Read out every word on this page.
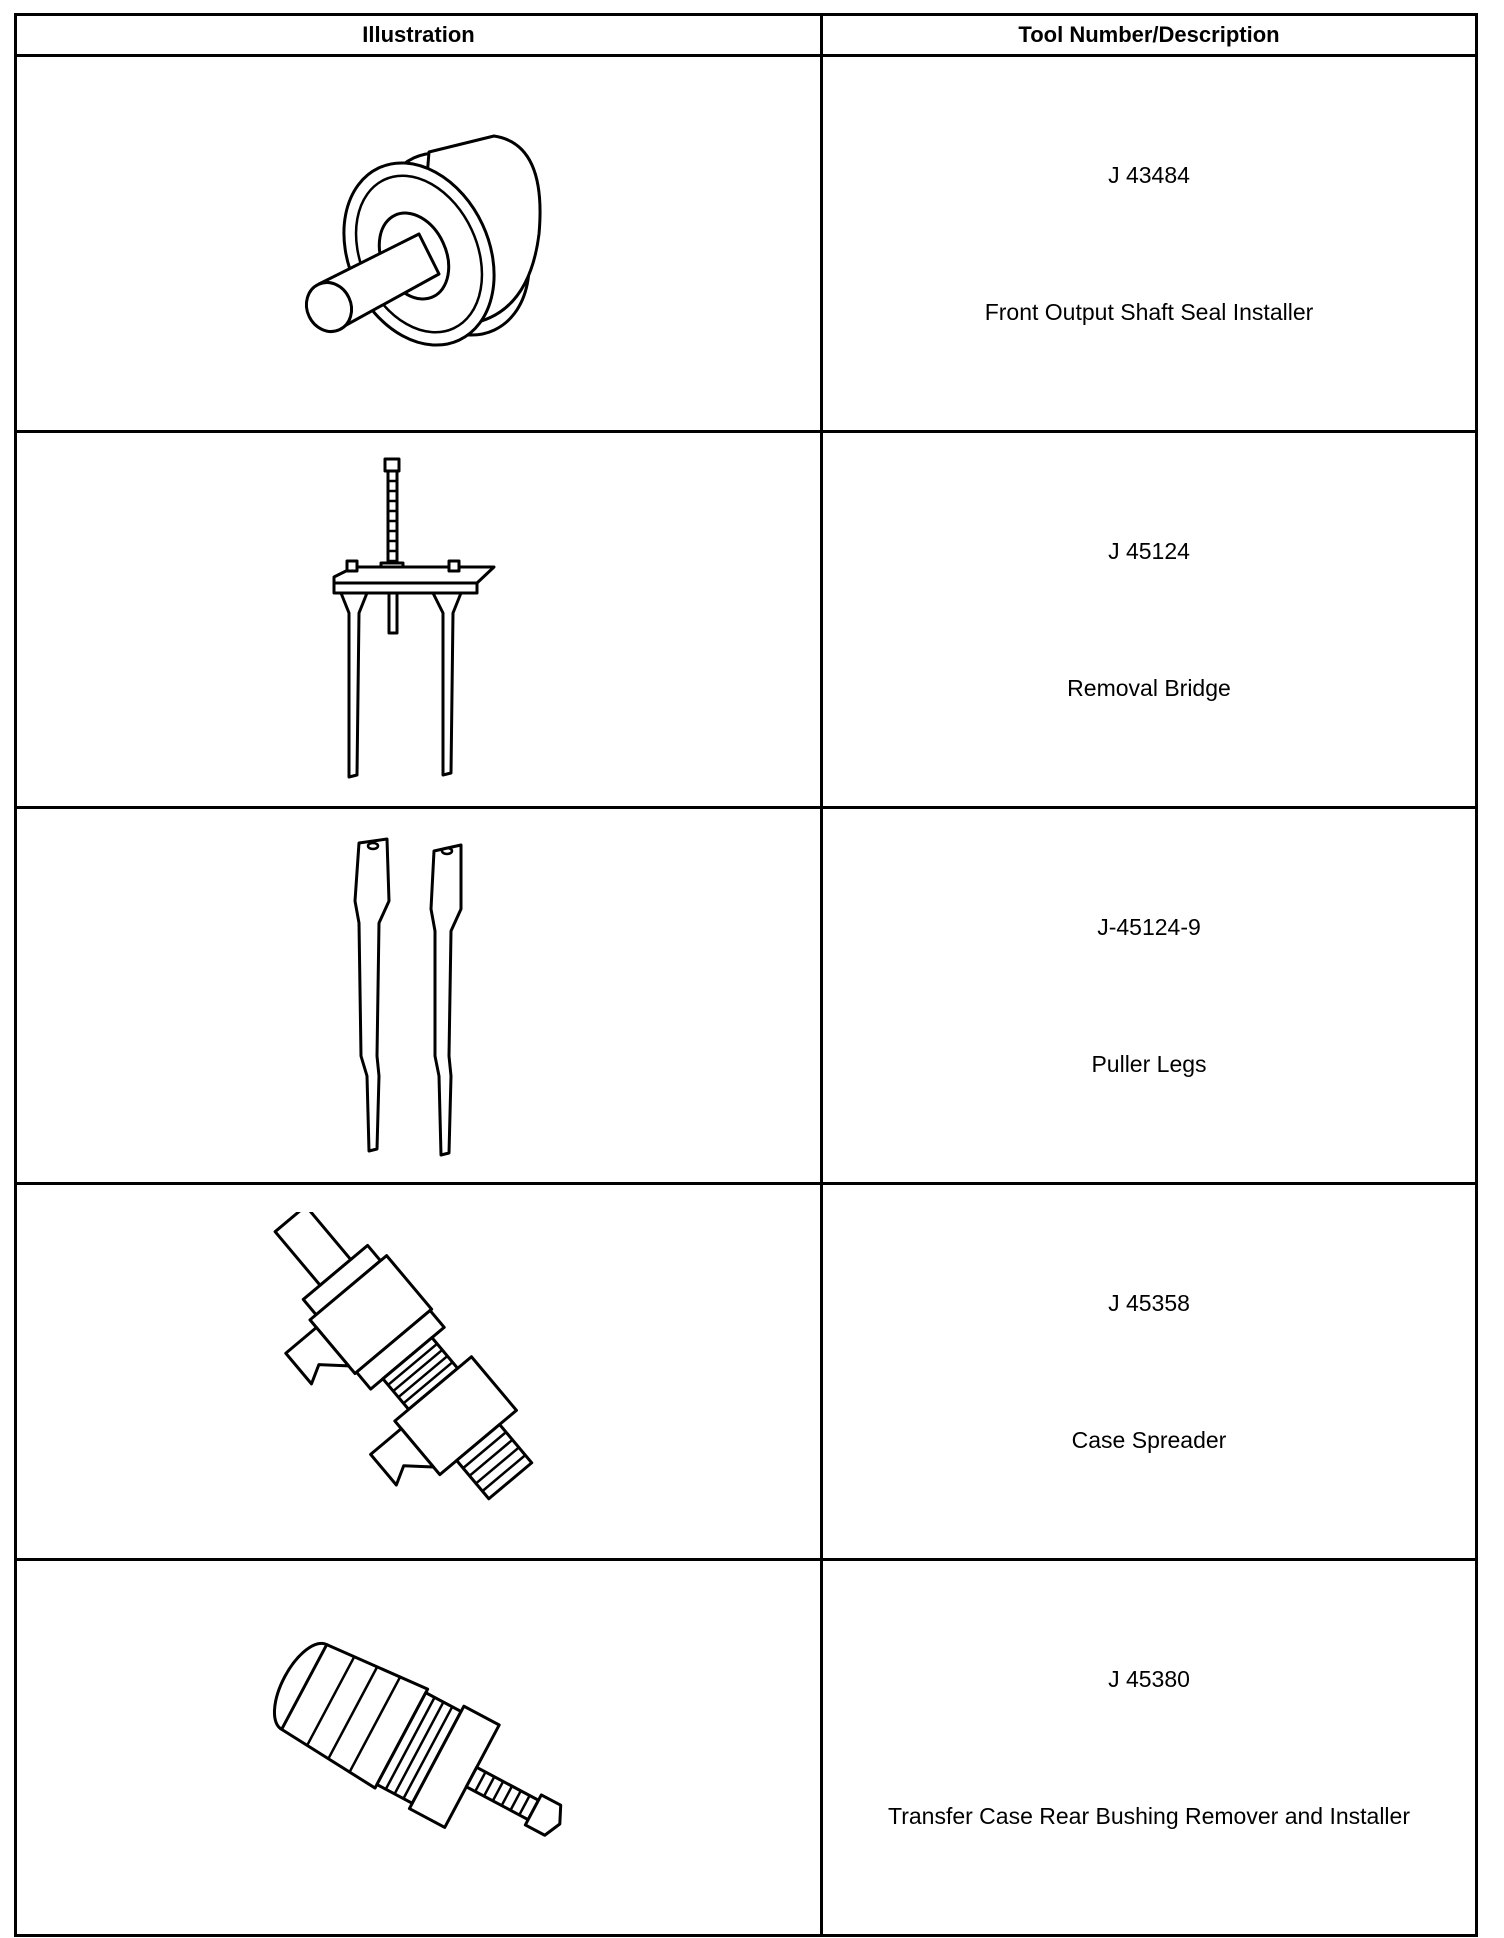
Illustration	Tool Number/Description

J 43484
Front Output Shaft Seal Installer

J 45124
Removal Bridge

J-45124-9
Puller Legs

J 45358
Case Spreader

J 45380
Transfer Case Rear Bushing Remover and Installer
